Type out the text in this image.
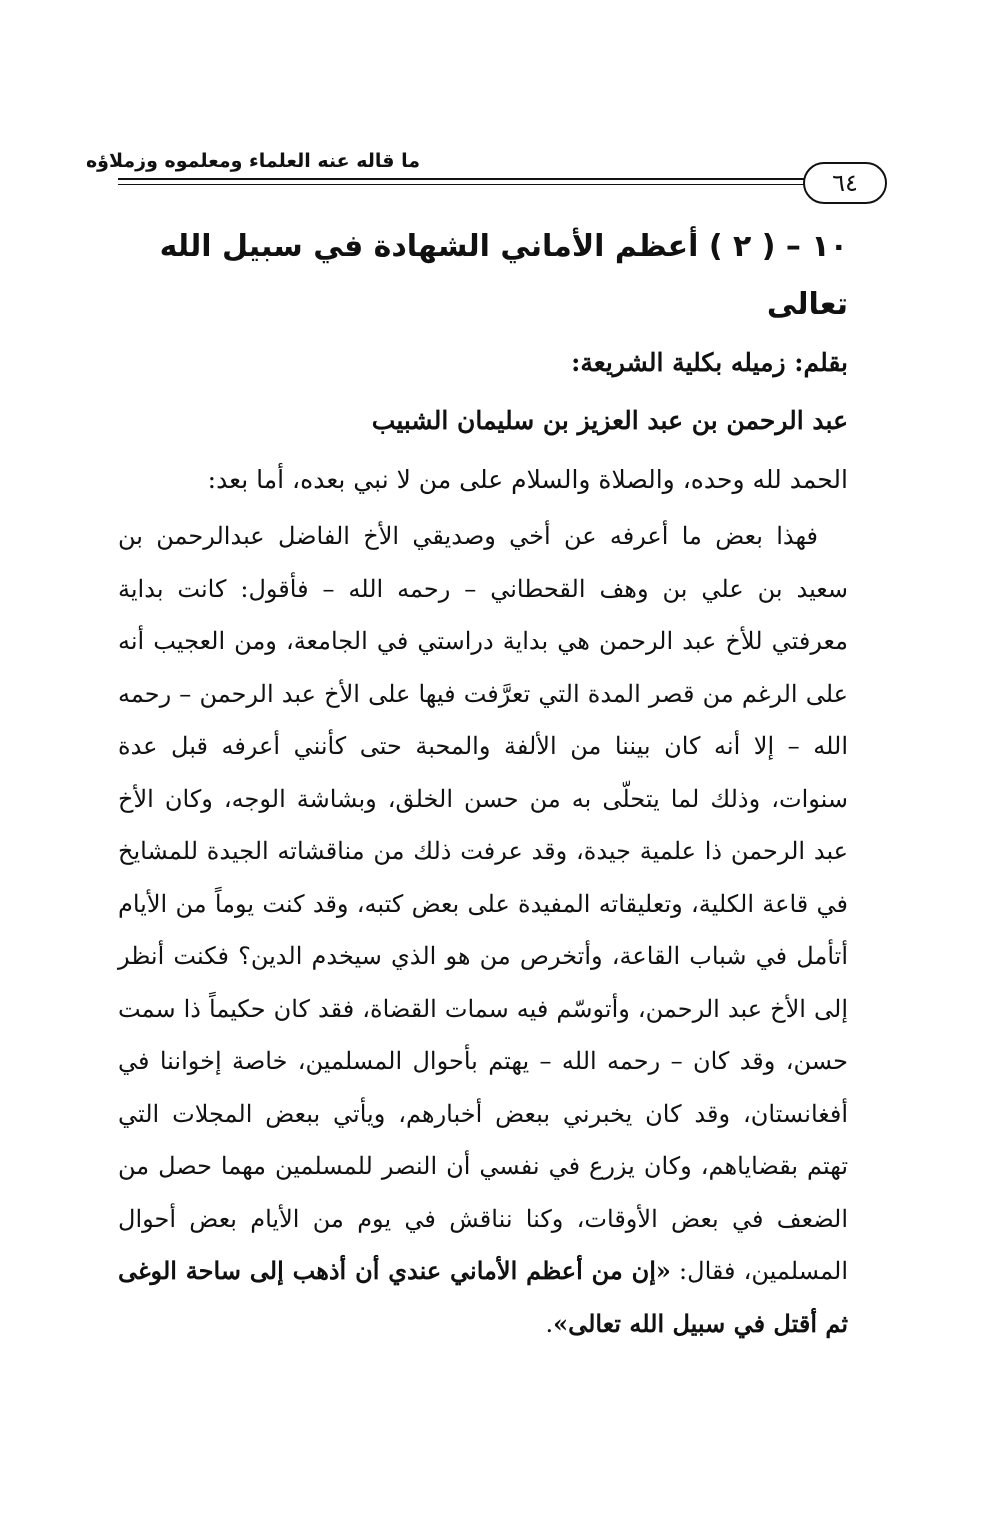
ما قاله عنه العلماء ومعلموه وزملاؤه
٦٤

١٠ – ( ٢ ) أعظم الأماني الشهادة في سبيل الله تعالى

بقلم: زميله بكلية الشريعة:

عبد الرحمن بن عبد العزيز بن سليمان الشبيب

الحمد لله وحده، والصلاة والسلام على من لا نبي بعده، أما بعد:

فهذا بعض ما أعرفه عن أخي وصديقي الأخ الفاضل عبدالرحمن بن سعيد بن علي بن وهف القحطاني – رحمه الله – فأقول: كانت بداية معرفتي للأخ عبد الرحمن هي بداية دراستي في الجامعة، ومن العجيب أنه على الرغم من قصر المدة التي تعرَّفت فيها على الأخ عبد الرحمن – رحمه الله – إلا أنه كان بيننا من الألفة والمحبة حتى كأنني أعرفه قبل عدة سنوات، وذلك لما يتحلّى به من حسن الخلق، وبشاشة الوجه، وكان الأخ عبد الرحمن ذا علمية جيدة، وقد عرفت ذلك من مناقشاته الجيدة للمشايخ في قاعة الكلية، وتعليقاته المفيدة على بعض كتبه، وقد كنت يوماً من الأيام أتأمل في شباب القاعة، وأتخرص من هو الذي سيخدم الدين؟ فكنت أنظر إلى الأخ عبد الرحمن، وأتوسّم فيه سمات القضاة، فقد كان حكيماً ذا سمت حسن، وقد كان – رحمه الله – يهتم بأحوال المسلمين، خاصة إخواننا في أفغانستان، وقد كان يخبرني ببعض أخبارهم، ويأتي ببعض المجلات التي تهتم بقضاياهم، وكان يزرع في نفسي أن النصر للمسلمين مهما حصل من الضعف في بعض الأوقات، وكنا نناقش في يوم من الأيام بعض أحوال المسلمين، فقال: «إن من أعظم الأماني عندي أن أذهب إلى ساحة الوغى ثم أقتل في سبيل الله تعالى».
